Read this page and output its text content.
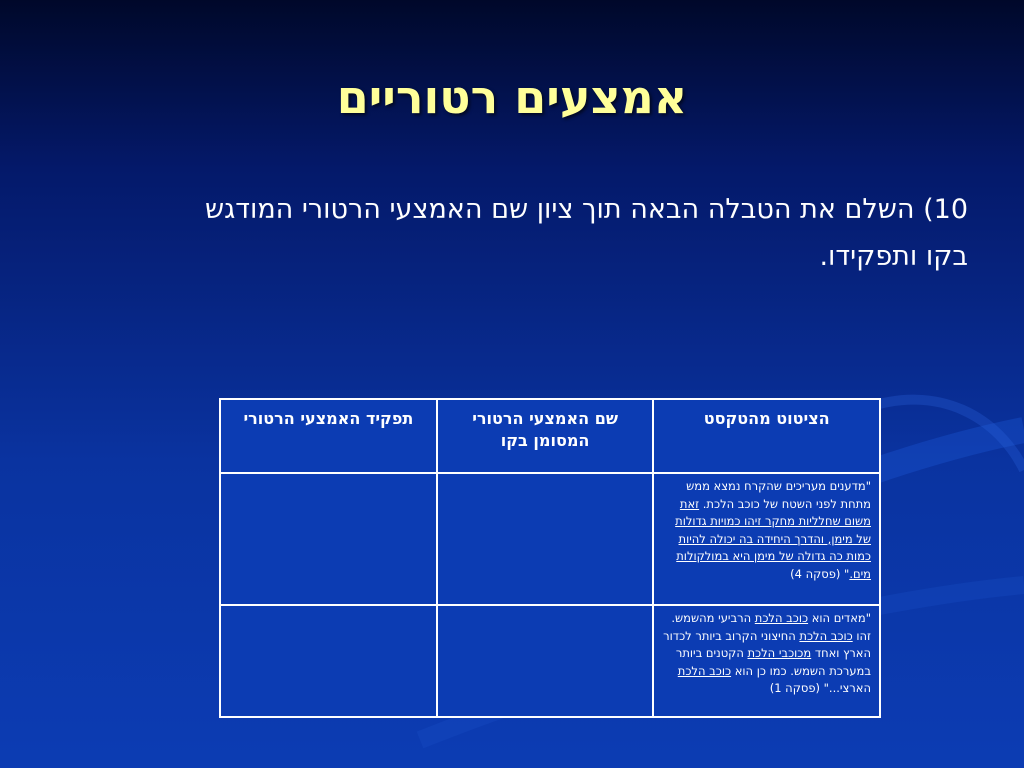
אמצעים רטוריים
10) השלם את הטבלה הבאה תוך ציון שם האמצעי הרטורי המודגש בקו ותפקידו.
הציטוט מהטקסט	שם האמצעי הרטורי המסומן בקו	תפקיד האמצעי הרטורי
"מדענים מעריכים שהקרח נמצא ממש מתחת לפני השטח של כוכב הלכת. זאת משום שחלליות מחקר זיהו כמויות גדולות של מימן, והדרך היחידה בה יכולה להיות כמות כה גדולה של מימן היא במולקולות מים." (פסקה 4)		
"מאדים הוא כוכב הלכת הרביעי מהשמש. זהו כוכב הלכת החיצוני הקרוב ביותר לכדור הארץ ואחד מכוכבי הלכת הקטנים ביותר במערכת השמש. כמו כן הוא כוכב הלכת הארצי..." (פסקה 1)		
